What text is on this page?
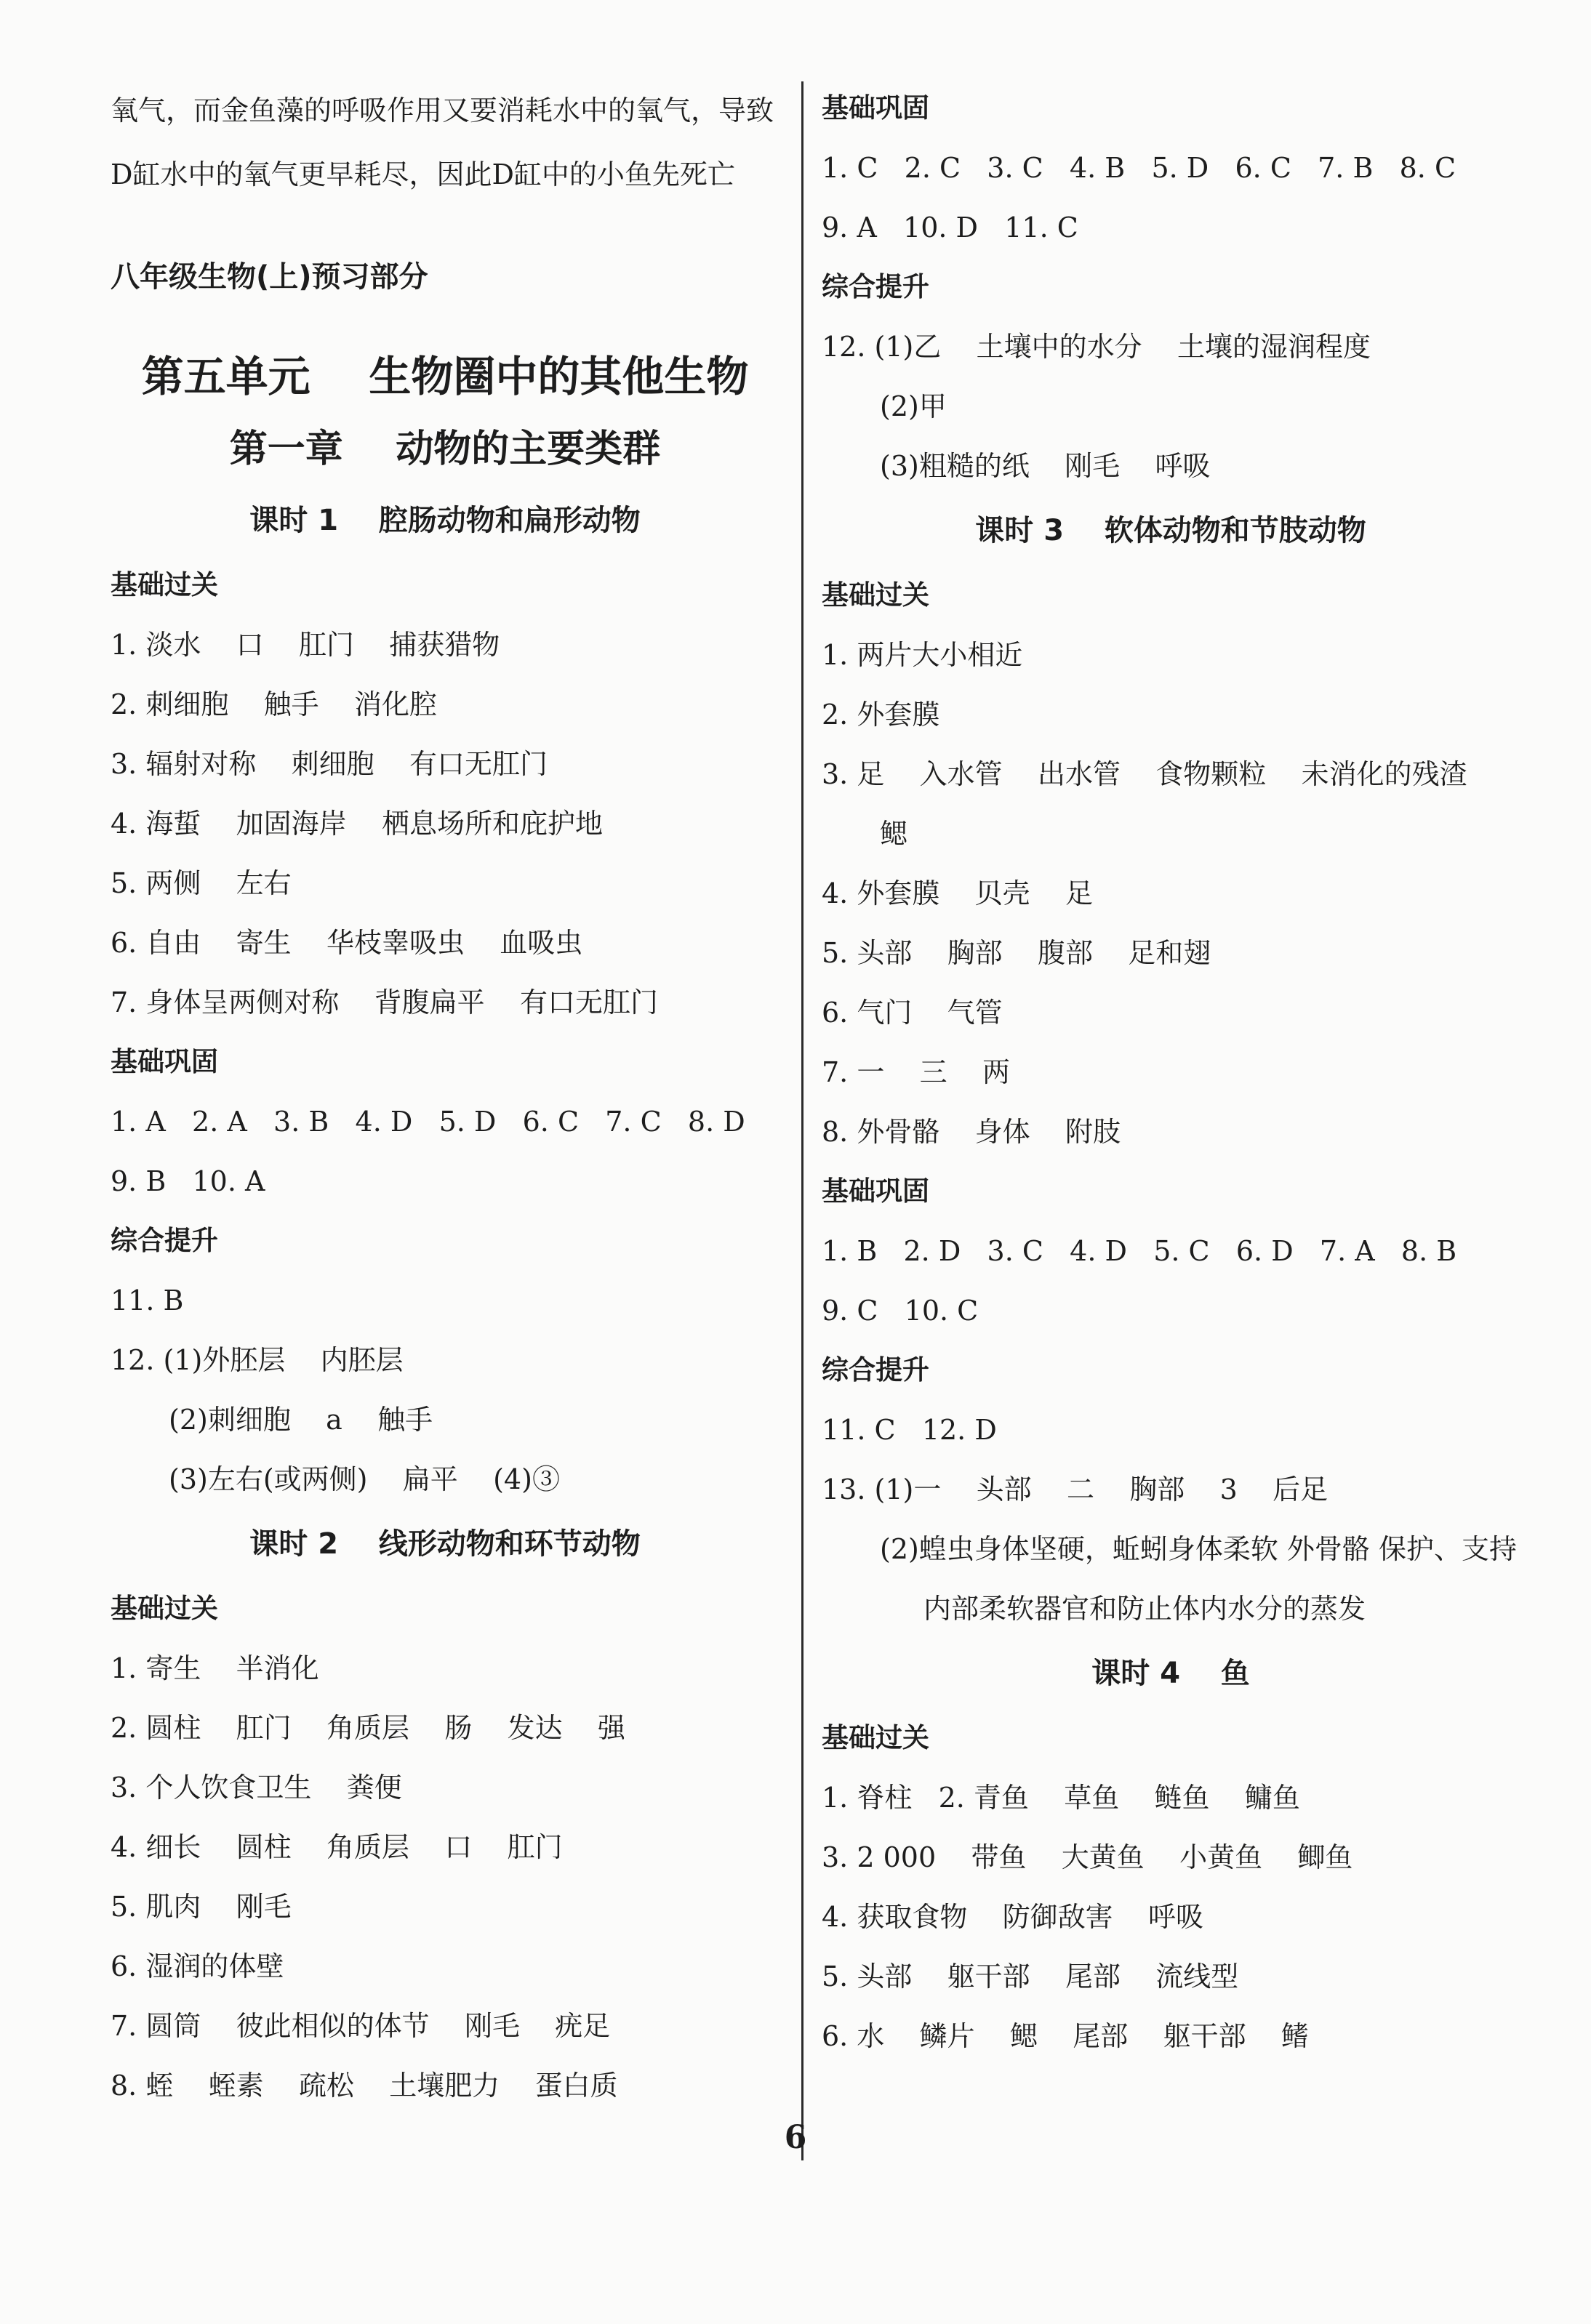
氧气，而金鱼藻的呼吸作用又要消耗水中的氧气，导致D缸水中的氧气更早耗尽，因此D缸中的小鱼先死亡
八年级生物(上)预习部分
第五单元    生物圈中的其他生物
第一章    动物的主要类群
课时 1    腔肠动物和扁形动物
基础过关
1. 淡水    口    肛门    捕获猎物
2. 刺细胞    触手    消化腔
3. 辐射对称    刺细胞    有口无肛门
4. 海蜇    加固海岸    栖息场所和庇护地
5. 两侧    左右
6. 自由    寄生    华枝睾吸虫    血吸虫
7. 身体呈两侧对称    背腹扁平    有口无肛门
基础巩固
1. A   2. A   3. B   4. D   5. D   6. C   7. C   8. D
9. B   10. A
综合提升
11. B
12. (1)外胚层    内胚层
(2)刺细胞    a    触手
(3)左右(或两侧)    扁平    (4)③
课时 2    线形动物和环节动物
基础过关
1. 寄生    半消化
2. 圆柱    肛门    角质层    肠    发达    强
3. 个人饮食卫生    粪便
4. 细长    圆柱    角质层    口    肛门
5. 肌肉    刚毛
6. 湿润的体壁
7. 圆筒    彼此相似的体节    刚毛    疣足
8. 蛭    蛭素    疏松    土壤肥力    蛋白质
基础巩固
1. C   2. C   3. C   4. B   5. D   6. C   7. B   8. C
9. A   10. D   11. C
综合提升
12. (1)乙    土壤中的水分    土壤的湿润程度
(2)甲
(3)粗糙的纸    刚毛    呼吸
课时 3    软体动物和节肢动物
基础过关
1. 两片大小相近
2. 外套膜
3. 足    入水管    出水管    食物颗粒    未消化的残渣
鳃
4. 外套膜    贝壳    足
5. 头部    胸部    腹部    足和翅
6. 气门    气管
7. 一    三    两
8. 外骨骼    身体    附肢
基础巩固
1. B   2. D   3. C   4. D   5. C   6. D   7. A   8. B
9. C   10. C
综合提升
11. C   12. D
13. (1)一    头部    二    胸部    3    后足
(2)蝗虫身体坚硬，蚯蚓身体柔软 外骨骼 保护、支持内部柔软器官和防止体内水分的蒸发
课时 4    鱼
基础过关
1. 脊柱   2. 青鱼    草鱼    鲢鱼    鳙鱼
3. 2 000    带鱼    大黄鱼    小黄鱼    鲫鱼
4. 获取食物    防御敌害    呼吸
5. 头部    躯干部    尾部    流线型
6. 水    鳞片    鳃    尾部    躯干部    鳍
6
